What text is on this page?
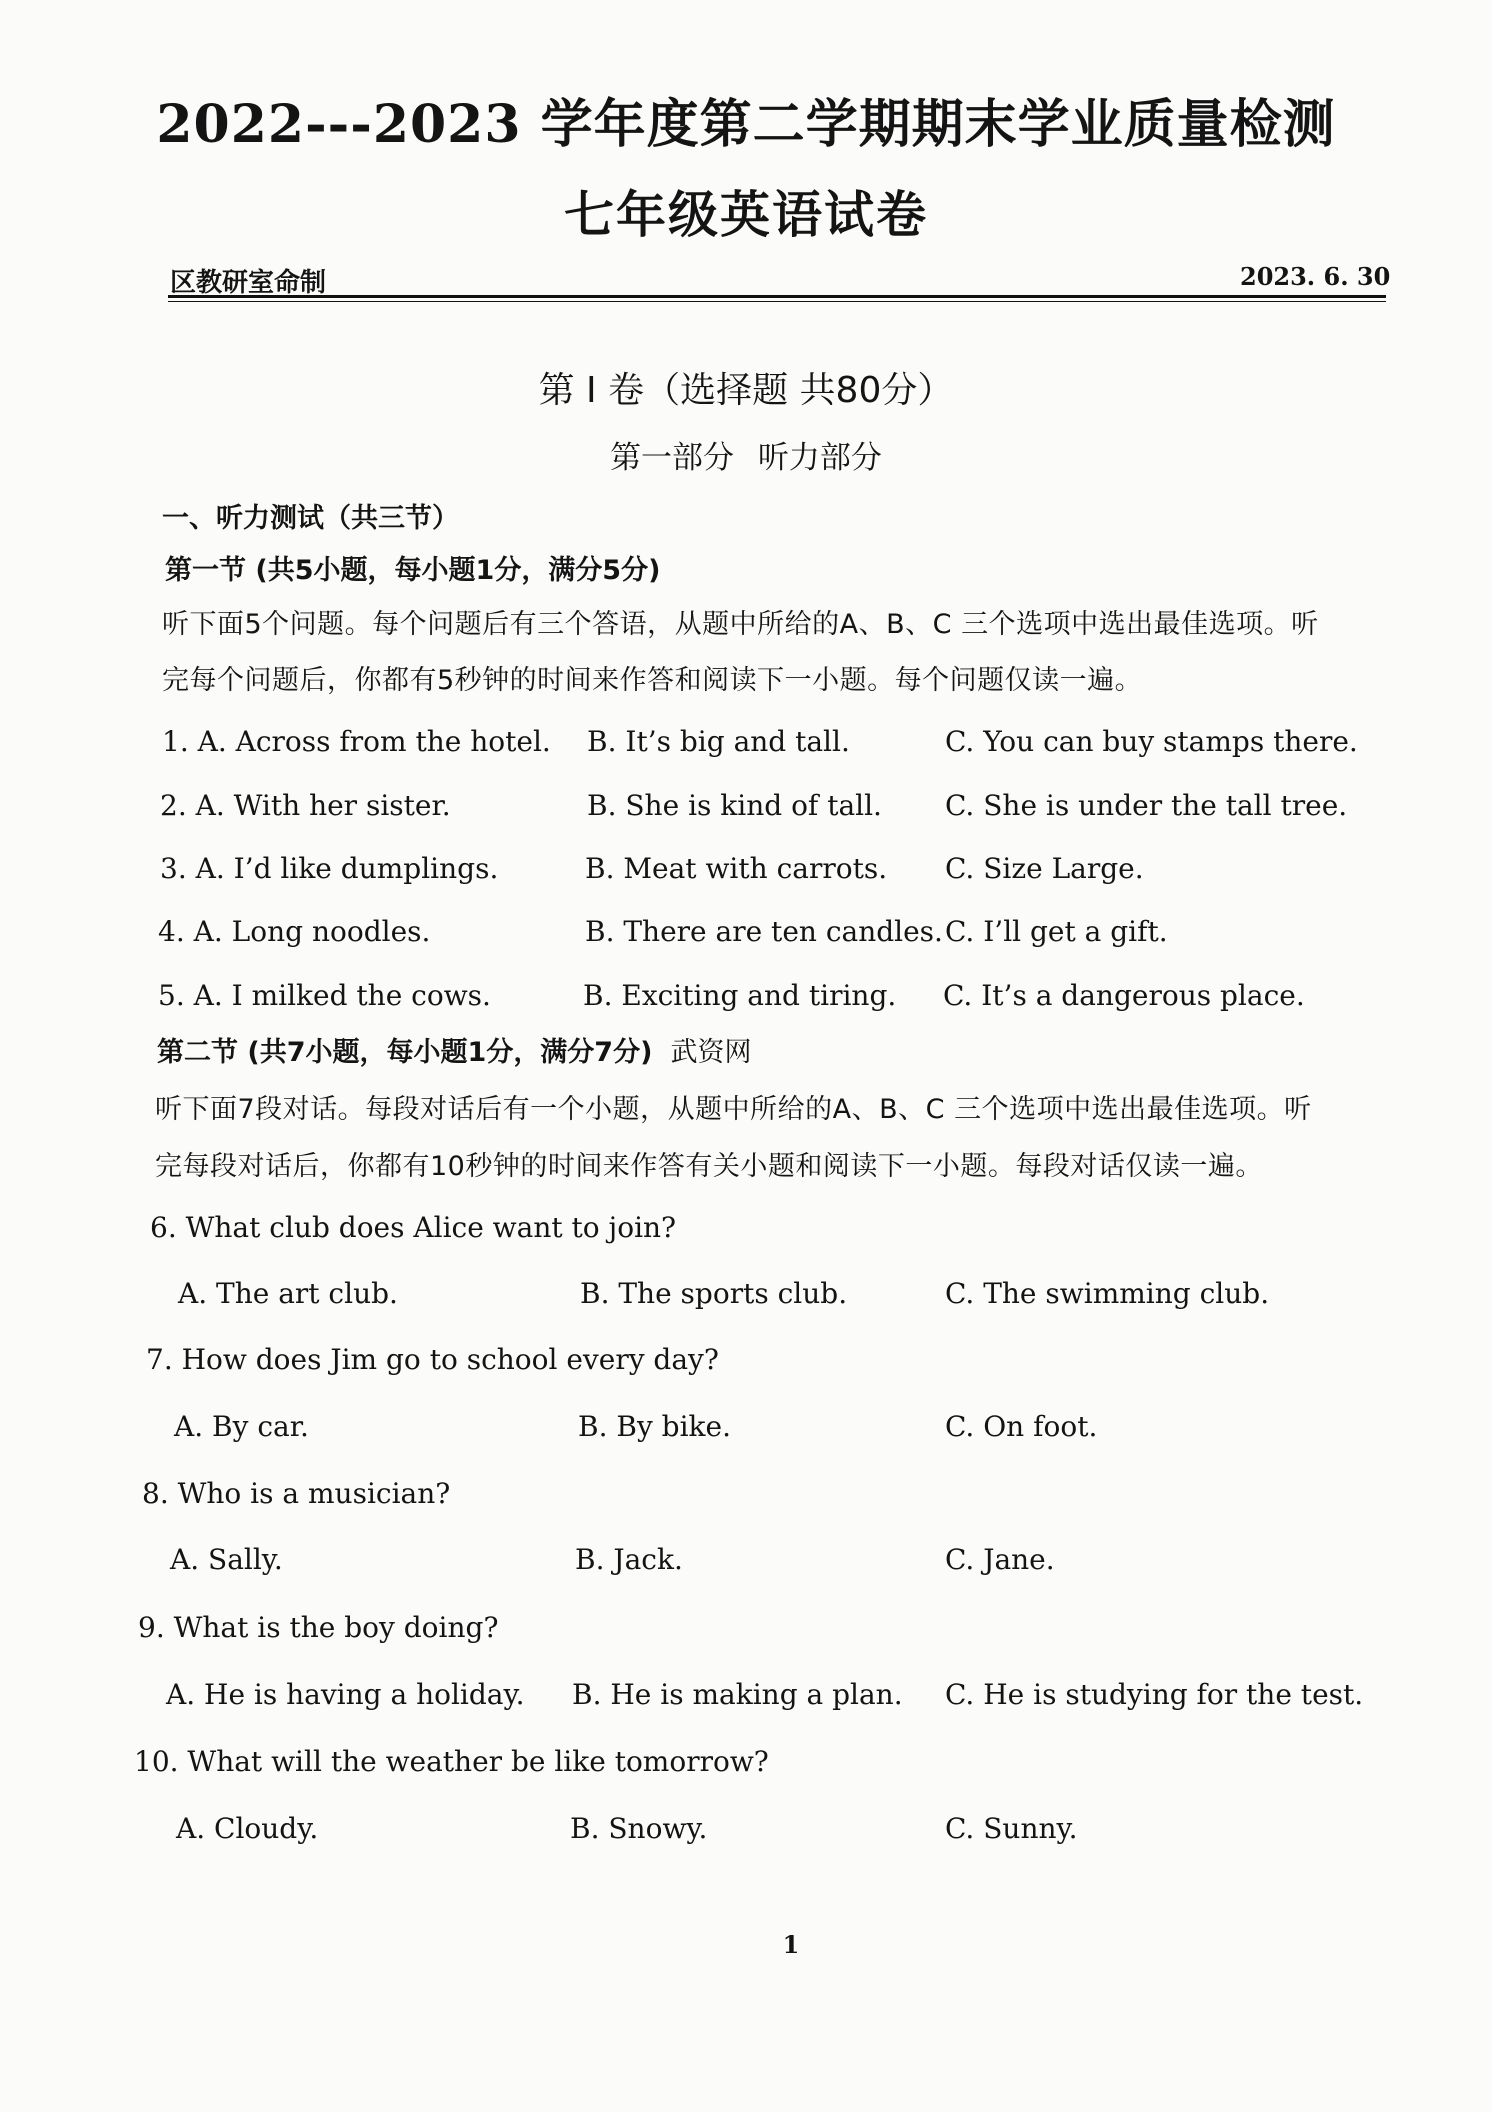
2022---2023 学年度第二学期期末学业质量检测
七年级英语试卷
区教研室命制	2023. 6. 30
第 I 卷（选择题 共80分）
第一部分 听力部分
一、听力测试（共三节）
第一节 (共5小题，每小题1分，满分5分)
听下面5个问题。每个问题后有三个答语，从题中所给的A、B、C 三个选项中选出最佳选项。听
完每个问题后，你都有5秒钟的时间来作答和阅读下一小题。每个问题仅读一遍。
1. A. Across from the hotel. B. It’s big and tall.	C. You can buy stamps there.
2. A. With her sister.	B. She is kind of tall. C. She is under the tall tree.
3. A. I’d like dumplings.	B. Meat with carrots. C. Size Large.
4. A. Long noodles.	B. There are ten candles. C. I’ll get a gift.
5. A. I milked the cows.	B. Exciting and tiring. C. It’s a dangerous place.
第二节 (共7小题，每小题1分，满分7分) 武资网
听下面7段对话。每段对话后有一个小题，从题中所给的A、B、C 三个选项中选出最佳选项。听
完每段对话后，你都有10秒钟的时间来作答有关小题和阅读下一小题。每段对话仅读一遍。
6. What club does Alice want to join?
A. The art club.	B. The sports club.	C. The swimming club.
7. How does Jim go to school every day?
A. By car.	B. By bike.	C. On foot.
8. Who is a musician?
A. Sally.	B. Jack.	C. Jane.
9. What is the boy doing?
A. He is having a holiday. B. He is making a plan. C. He is studying for the test.
10. What will the weather be like tomorrow?
A. Cloudy.	B. Snowy.	C. Sunny.
1
